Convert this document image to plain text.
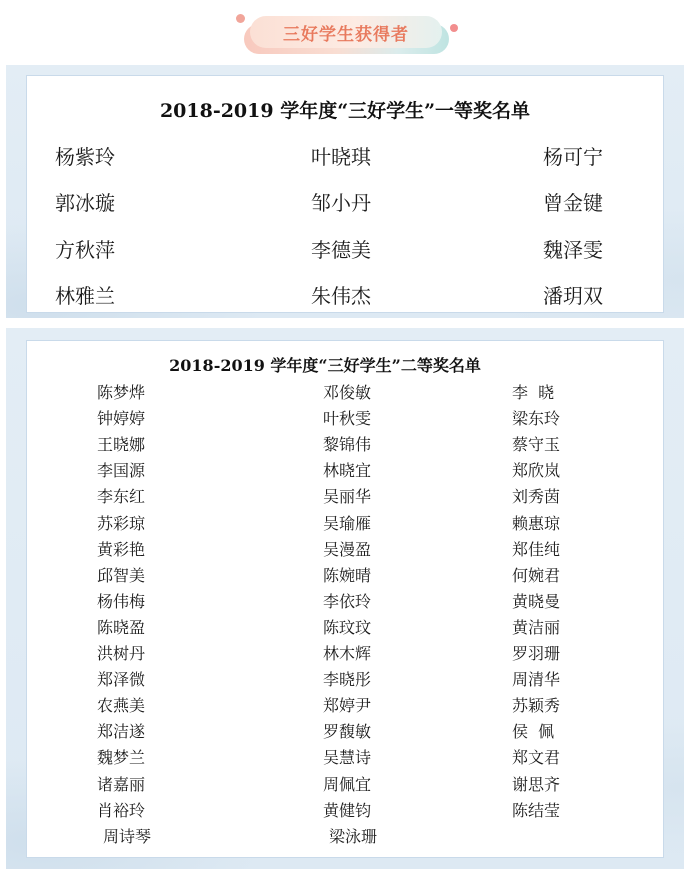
三好学生获得者
2018-2019 学年度“三好学生”一等奖名单
杨紫玲	叶晓琪	杨可宁
郭冰璇	邹小丹	曾金键
方秋萍	李德美	魏泽雯
林雅兰	朱伟杰	潘玥双
2018-2019 学年度“三好学生”二等奖名单
陈梦烨	邓俊敏	李  晓
钟婷婷	叶秋雯	梁东玲
王晓娜	黎锦伟	蔡守玉
李国源	林晓宜	郑欣岚
李东红	吴丽华	刘秀茵
苏彩琼	吴瑜雁	赖惠琼
黄彩艳	吴漫盈	郑佳纯
邱智美	陈婉晴	何婉君
杨伟梅	李依玲	黄晓曼
陈晓盈	陈玟玟	黄洁丽
洪树丹	林木辉	罗羽珊
郑泽微	李晓彤	周清华
农燕美	郑婷尹	苏颖秀
郑洁遂	罗馥敏	侯  佩
魏梦兰	吴慧诗	郑文君
诸嘉丽	周佩宜	谢思齐
肖裕玲	黄健钧	陈结莹
周诗琴	梁泳珊
